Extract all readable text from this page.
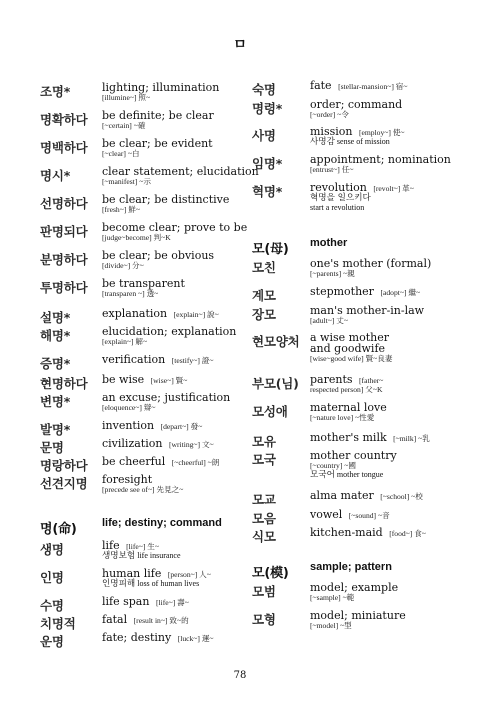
ㅁ
조명*	lighting; illumination
[illumine~] 照~
명확하다 be definite; be clear
[~certain] ~確
명백하다 be clear; be evident
[~clear] ~白
명시*	clear statement; elucidation
[~manifest] ~示
선명하다 be clear; be distinctive
[fresh~] 鮮~
판명되다 become clear; prove to be
[judge~become] 判~K
분명하다 be clear; be obvious
[divide~] 分~
투명하다 be transparent
[transparen ~] 透~
설명*	explanation [explain~] 說~
해명*	elucidation; explanation
[explain~] 解~
증명*	verification [testify~] 證~
현명하다 be wise [wise~] 賢~
변명*	an excuse; justification
[eloquence~] 辯~
발명*	invention [depart~] 發~
문명	civilization [writing~] 文~
명랑하다 be cheerful [~cheerful] ~朗
선견지명 foresight
[precede see of~] 先見之~
명(命) life; destiny; command
생명	life [life~] 生~
생명보험 life insurance
인명	human life [person~] 人~
인명피해 loss of human lives
수명	life span [life~] 壽~
치명적 fatal [result in~] 致~的
운명	fate; destiny [luck~] 運~
숙명	fate [stellar-mansion~] 宿~
명령*	order; command
[~order] ~令
사명	mission [employ~] 使~
사명감 sense of mission
임명*	appointment; nomination
[entrust~] 任~
혁명*	revolution [revolt~] 革~
혁명을 일으키다
start a revolution
모(母) mother
모친	one's mother (formal)
[~parents] ~親
계모	stepmother [adopt~] 繼~
장모	man's mother-in-law
[adult~] 丈~
현모양처 a wise mother
and goodwife
[wise~good wife] 賢~良妻
부모(님) parents [father~
respected person] 父~K
모성애 maternal love
[~nature love] ~性愛
모유	mother's milk [~milk] ~乳
모국	mother country
[~country] ~國
모국어 mother tongue
모교	alma mater [~school] ~校
모음	vowel [~sound] ~音
식모	kitchen-maid [food~] 食~
모(模) sample; pattern
모범	model; example
[~sample] ~範
모형	model; miniature
[~model] ~型
78
